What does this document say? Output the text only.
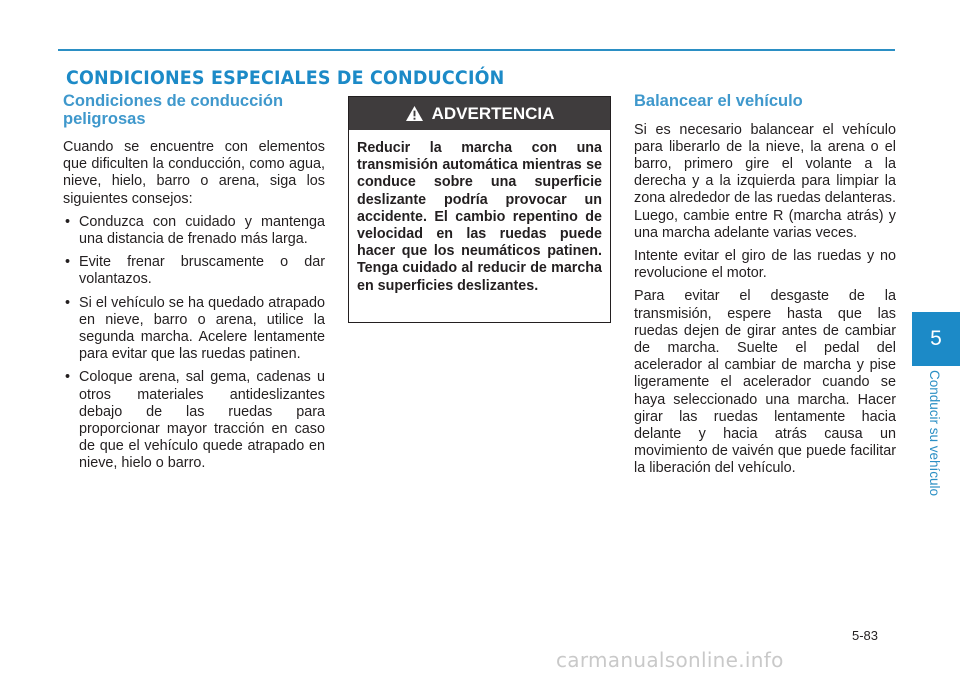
CONDICIONES ESPECIALES DE CONDUCCIÓN
Condiciones de conducción peligrosas

Cuando se encuentre con elementos que dificulten la conducción, como agua, nieve, hielo, barro o arena, siga los siguientes consejos:

• Conduzca con cuidado y mantenga una distancia de frenado más larga.
• Evite frenar bruscamente o dar volantazos.
• Si el vehículo se ha quedado atrapado en nieve, barro o arena, utilice la segunda marcha. Acelere lentamente para evitar que las ruedas patinen.
• Coloque arena, sal gema, cadenas u otros materiales antideslizantes debajo de las ruedas para proporcionar mayor tracción en caso de que el vehículo quede atrapado en nieve, hielo o barro.
ADVERTENCIA
Reducir la marcha con una transmisión automática mientras se conduce sobre una superficie deslizante podría provocar un accidente. El cambio repentino de velocidad en las ruedas puede hacer que los neumáticos patinen. Tenga cuidado al reducir de marcha en superficies deslizantes.
Balancear el vehículo

Si es necesario balancear el vehículo para liberarlo de la nieve, la arena o el barro, primero gire el volante a la derecha y a la izquierda para limpiar la zona alrededor de las ruedas delanteras. Luego, cambie entre R (marcha atrás) y una marcha adelante varias veces.

Intente evitar el giro de las ruedas y no revolucione el motor.

Para evitar el desgaste de la transmisión, espere hasta que las ruedas dejen de girar antes de cambiar de marcha. Suelte el pedal del acelerador al cambiar de marcha y pise ligeramente el acelerador cuando se haya seleccionado una marcha. Hacer girar las ruedas lentamente hacia delante y hacia atrás causa un movimiento de vaivén que puede facilitar la liberación del vehículo.

5
Conducir su vehículo
5-83
carmanualsonline.info
